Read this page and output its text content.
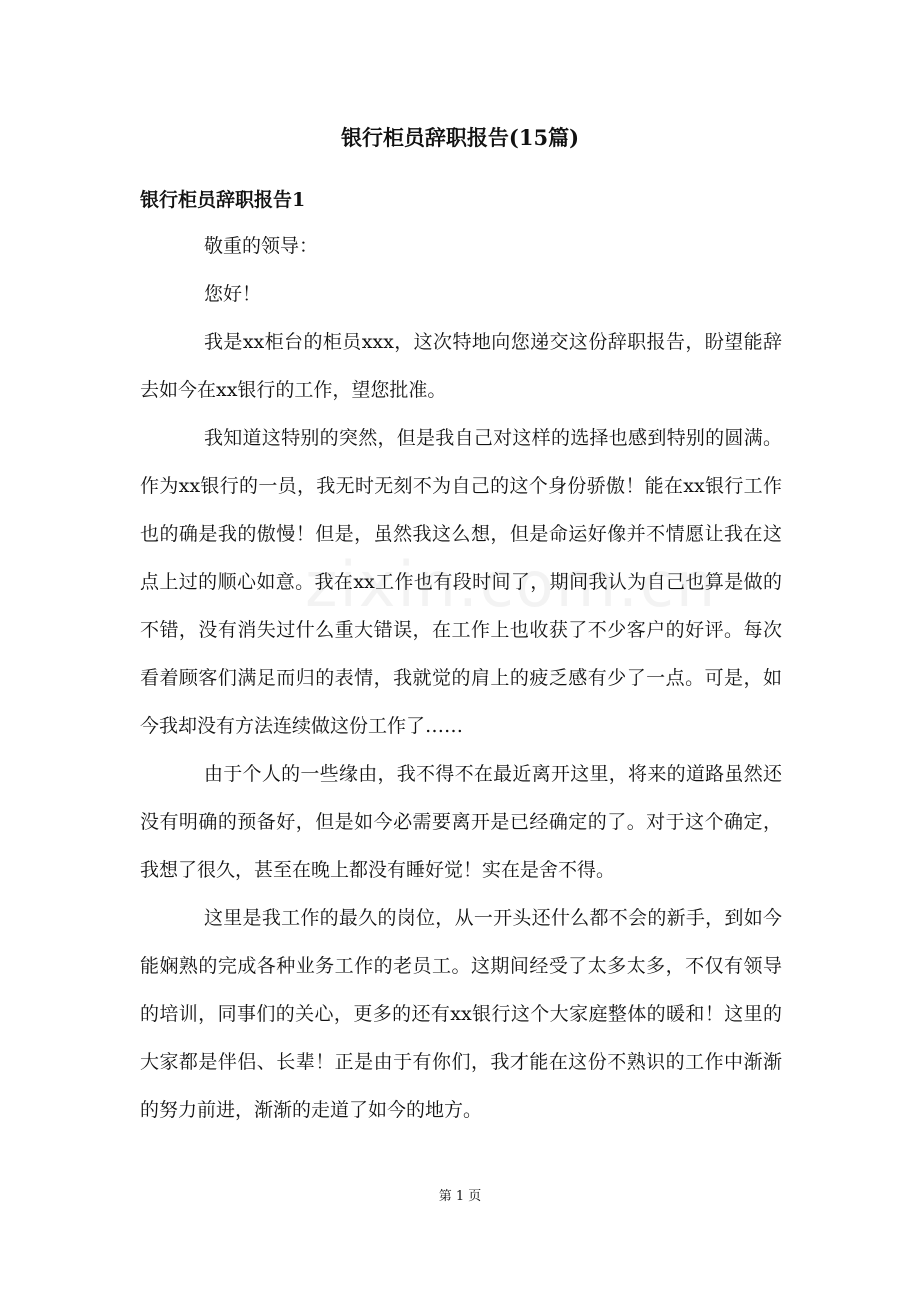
银行柜员辞职报告(15篇)
银行柜员辞职报告1

敬重的领导：

您好！

我是xx柜台的柜员xxx，这次特地向您递交这份辞职报告，盼望能辞去如今在xx银行的工作，望您批准。

我知道这特别的突然，但是我自己对这样的选择也感到特别的圆满。作为xx银行的一员，我无时无刻不为自己的这个身份骄傲！能在xx银行工作也的确是我的傲慢！但是，虽然我这么想，但是命运好像并不情愿让我在这点上过的顺心如意。我在xx工作也有段时间了，期间我认为自己也算是做的不错，没有消失过什么重大错误，在工作上也收获了不少客户的好评。每次看着顾客们满足而归的表情，我就觉的肩上的疲乏感有少了一点。可是，如今我却没有方法连续做这份工作了……

由于个人的一些缘由，我不得不在最近离开这里，将来的道路虽然还没有明确的预备好，但是如今必需要离开是已经确定的了。对于这个确定，我想了很久，甚至在晚上都没有睡好觉！实在是舍不得。

这里是我工作的最久的岗位，从一开头还什么都不会的新手，到如今能娴熟的完成各种业务工作的老员工。这期间经受了太多太多，不仅有领导的培训，同事们的关心，更多的还有xx银行这个大家庭整体的暖和！这里的大家都是伴侣、长辈！正是由于有你们，我才能在这份不熟识的工作中渐渐的努力前进，渐渐的走道了如今的地方。

第 1 页
